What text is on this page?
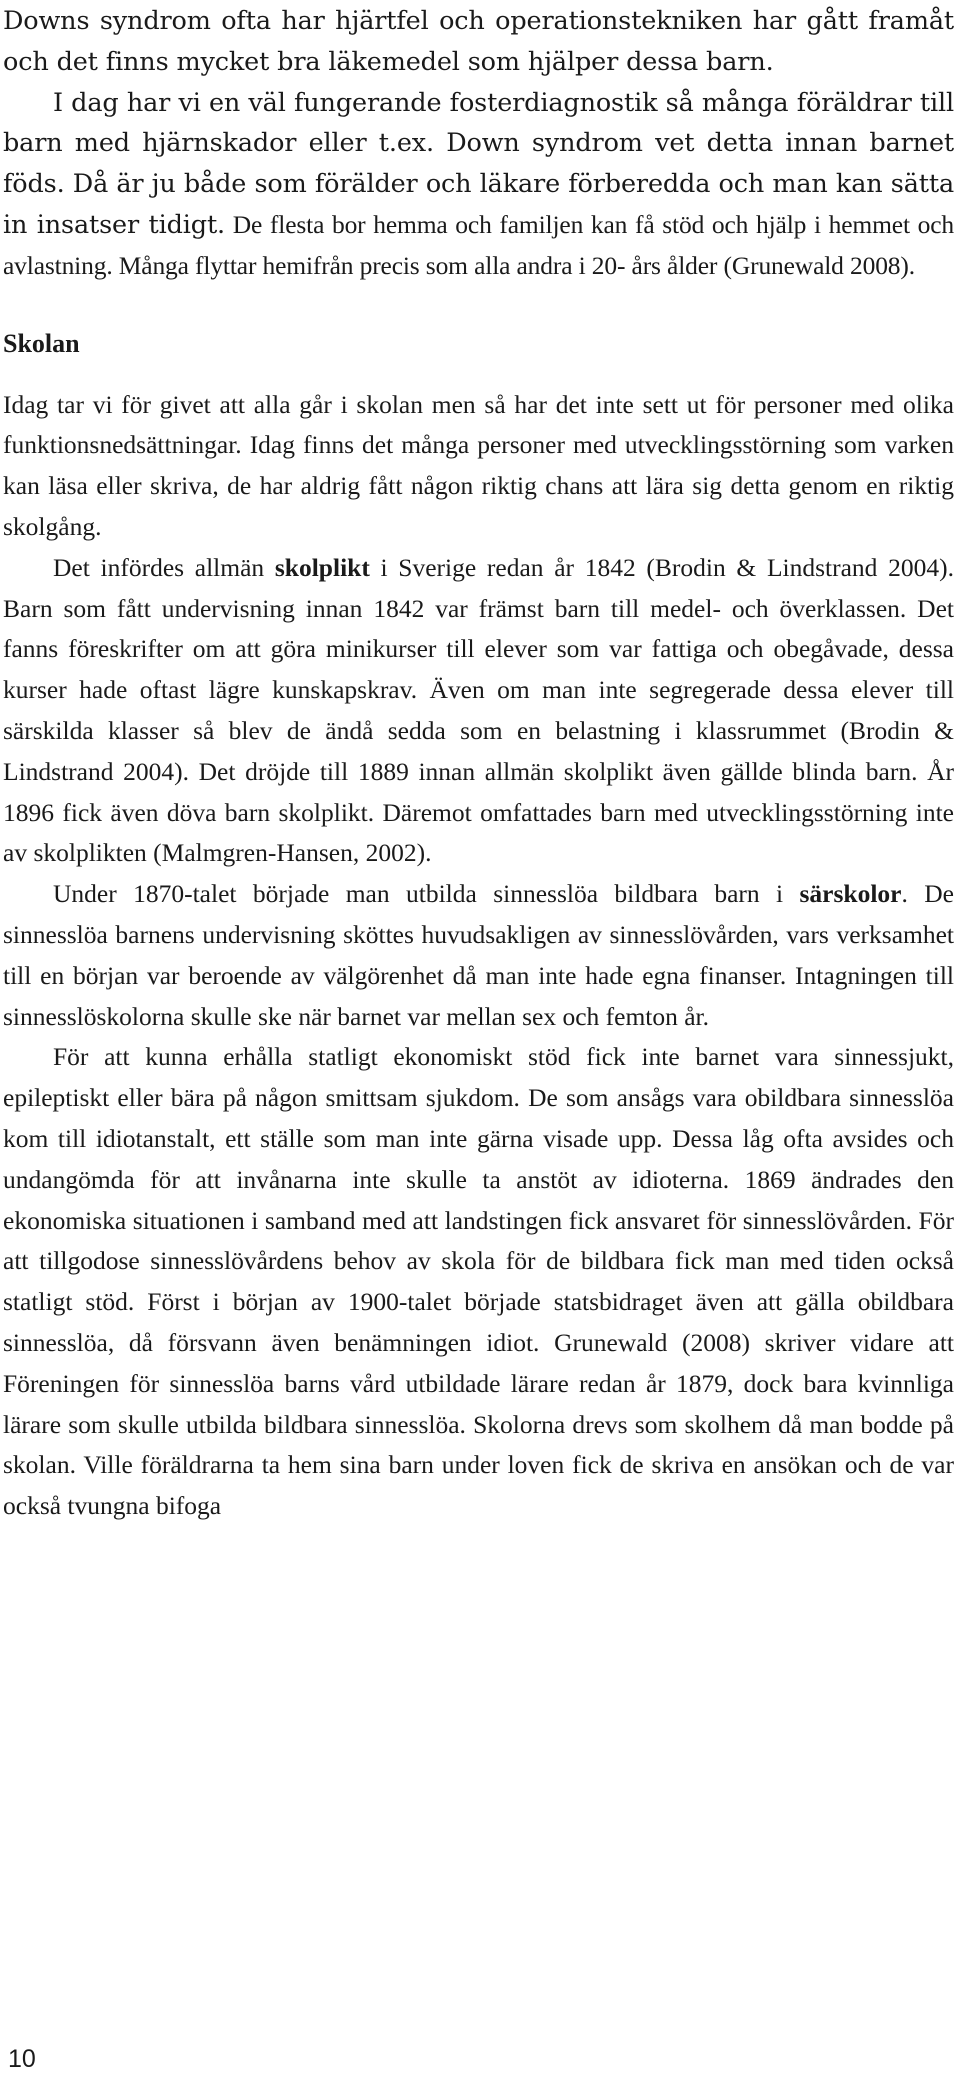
Downs syndrom ofta har hjärtfel och operationstekniken har gått framåt och det finns mycket bra läkemedel som hjälper dessa barn.

I dag har vi en väl fungerande fosterdiagnostik så många föräldrar till barn med hjärnskador eller t.ex. Down syndrom vet detta innan barnet föds. Då är ju både som förälder och läkare förberedda och man kan sätta in insatser tidigt. De flesta bor hemma och familjen kan få stöd och hjälp i hemmet och avlastning. Många flyttar hemifrån precis som alla andra i 20- års ålder (Grunewald 2008).

Skolan

Idag tar vi för givet att alla går i skolan men så har det inte sett ut för personer med olika funktionsnedsättningar. Idag finns det många personer med utvecklingsstörning som varken kan läsa eller skriva, de har aldrig fått någon riktig chans att lära sig detta genom en riktig skolgång.

Det infördes allmän skolplikt i Sverige redan år 1842 (Brodin & Lindstrand 2004). Barn som fått undervisning innan 1842 var främst barn till medel- och överklassen. Det fanns föreskrifter om att göra minikurser till elever som var fattiga och obegåvade, dessa kurser hade oftast lägre kunskapskrav. Även om man inte segregerade dessa elever till särskilda klasser så blev de ändå sedda som en belastning i klassrummet (Brodin & Lindstrand 2004). Det dröjde till 1889 innan allmän skolplikt även gällde blinda barn. År 1896 fick även döva barn skolplikt. Däremot omfattades barn med utvecklingsstörning inte av skolplikten (Malmgren-Hansen, 2002).

Under 1870-talet började man utbilda sinnesslöa bildbara barn i särskolor. De sinnesslöa barnens undervisning sköttes huvudsakligen av sinnesslövården, vars verksamhet till en början var beroende av välgörenhet då man inte hade egna finanser. Intagningen till sinnesslöskolorna skulle ske när barnet var mellan sex och femton år.

För att kunna erhålla statligt ekonomiskt stöd fick inte barnet vara sinnessjukt, epileptiskt eller bära på någon smittsam sjukdom. De som ansågs vara obildbara sinnesslöa kom till idiotanstalt, ett ställe som man inte gärna visade upp. Dessa låg ofta avsides och undangömda för att invånarna inte skulle ta anstöt av idioterna. 1869 ändrades den ekonomiska situationen i samband med att landstingen fick ansvaret för sinnesslövården. För att tillgodose sinnesslövårdens behov av skola för de bildbara fick man med tiden också statligt stöd. Först i början av 1900-talet började statsbidraget även att gälla obildbara sinnesslöa, då försvann även benämningen idiot. Grunewald (2008) skriver vidare att Föreningen för sinnesslöa barns vård utbildade lärare redan år 1879, dock bara kvinnliga lärare som skulle utbilda bildbara sinnesslöa. Skolorna drevs som skolhem då man bodde på skolan. Ville föräldrarna ta hem sina barn under loven fick de skriva en ansökan och de var också tvungna bifoga

10
